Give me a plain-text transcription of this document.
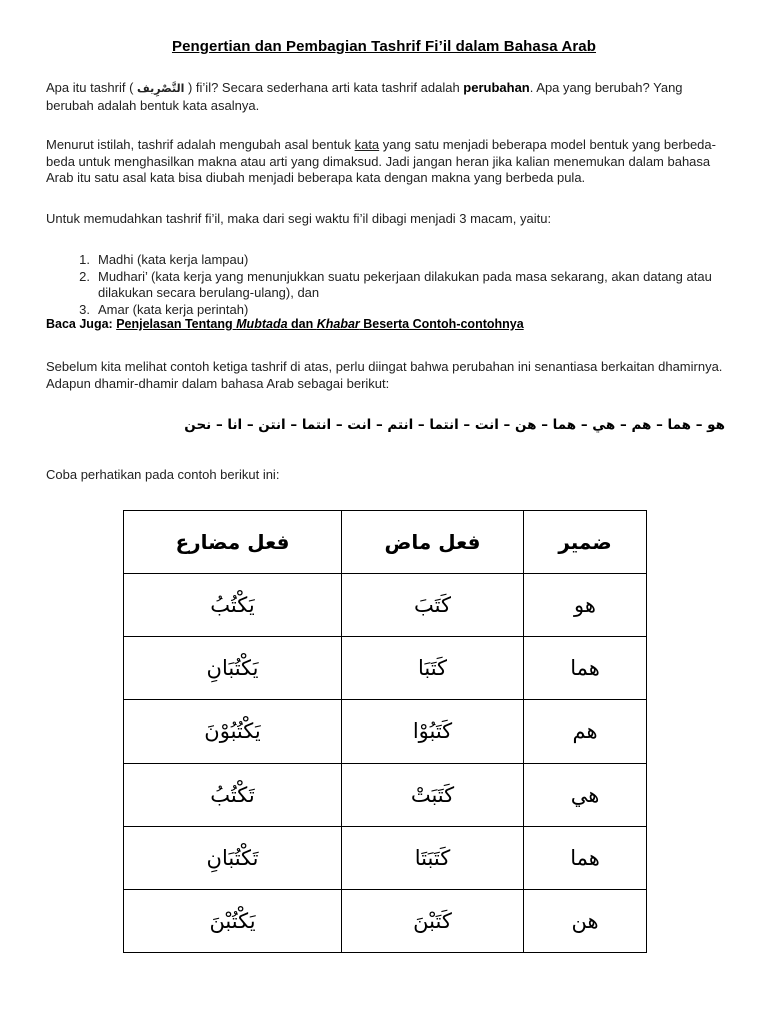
Pengertian dan Pembagian Tashrif Fi’il dalam Bahasa Arab
Apa itu tashrif ( التَّصْرِيف ) fi’il? Secara sederhana arti kata tashrif adalah perubahan. Apa yang berubah? Yang berubah adalah bentuk kata asalnya.
Menurut istilah, tashrif adalah mengubah asal bentuk kata yang satu menjadi beberapa model bentuk yang berbeda-beda untuk menghasilkan makna atau arti yang dimaksud. Jadi jangan heran jika kalian menemukan dalam bahasa Arab itu satu asal kata bisa diubah menjadi beberapa kata dengan makna yang berbeda pula.
Untuk memudahkan tashrif fi’il, maka dari segi waktu fi’il dibagi menjadi 3 macam, yaitu:
1. Madhi (kata kerja lampau)
2. Mudhari’ (kata kerja yang menunjukkan suatu pekerjaan dilakukan pada masa sekarang, akan datang atau dilakukan secara berulang-ulang), dan
3. Amar (kata kerja perintah)
Baca Juga: Penjelasan Tentang Mubtada dan Khabar Beserta Contoh-contohnya
Sebelum kita melihat contoh ketiga tashrif di atas, perlu diingat bahwa perubahan ini senantiasa berkaitan dhamirnya. Adapun dhamir-dhamir dalam bahasa Arab sebagai berikut:
هو – هما – هم – هي – هما – هن – انت – انتما – انتم – انت – انتما – انتن – انا – نحن
Coba perhatikan pada contoh berikut ini:
ضمير	فعل ماض	فعل مضارع
هو	كَتَبَ	يَكْتُبُ
هما	كَتَبَا	يَكْتُبَانِ
هم	كَتَبُوْا	يَكْتُبُوْنَ
هي	كَتَبَتْ	تَكْتُبُ
هما	كَتَبَتَا	تَكْتُبَانِ
هن	كَتَبْنَ	يَكْتُبْنَ
